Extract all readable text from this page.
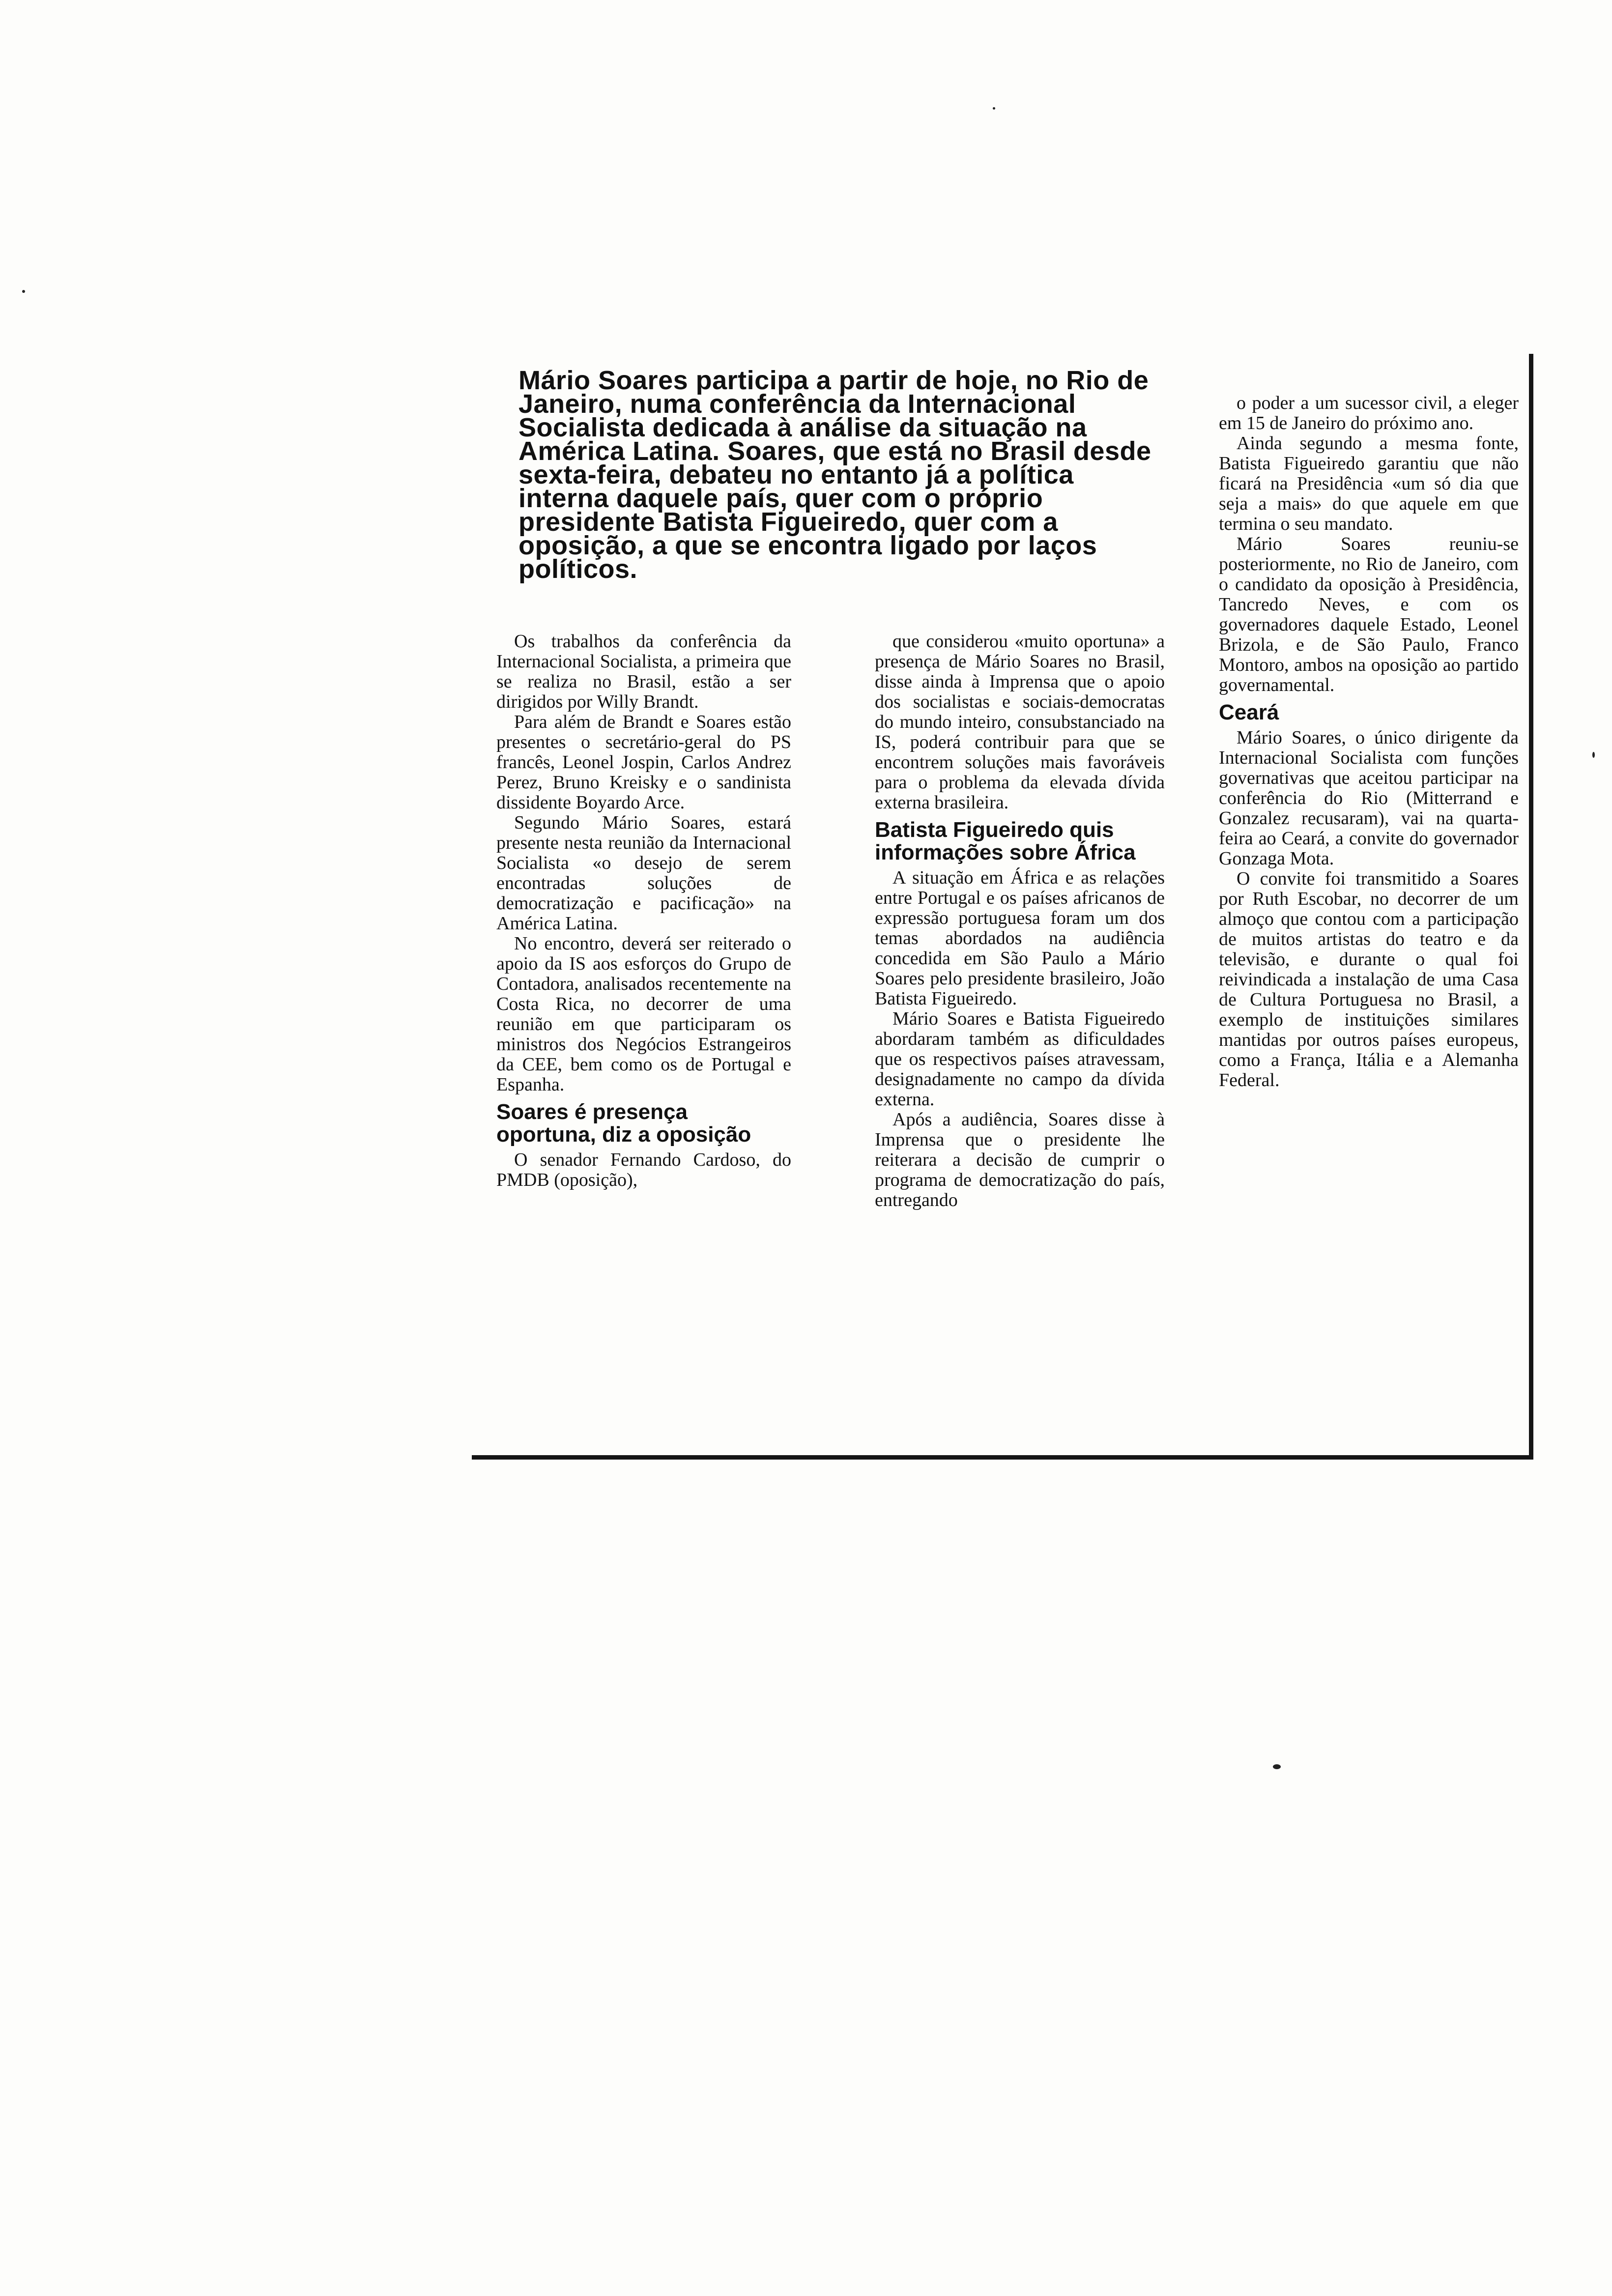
Mário Soares participa a partir de hoje, no Rio de Janeiro, numa conferência da Internacional Socialista dedicada à análise da situação na América Latina. Soares, que está no Brasil desde sexta-feira, debateu no entanto já a política interna daquele país, quer com o próprio presidente Batista Figueiredo, quer com a oposição, a que se encontra ligado por laços políticos.

Os trabalhos da conferência da Internacional Socialista, a primeira que se realiza no Brasil, estão a ser dirigidos por Willy Brandt.

Para além de Brandt e Soares estão presentes o secretário-geral do PS francês, Leonel Jospin, Carlos Andrez Perez, Bruno Kreisky e o sandinista dissidente Boyardo Arce.

Segundo Mário Soares, estará presente nesta reunião da Internacional Socialista «o desejo de serem encontradas soluções de democratização e pacificação» na América Latina.

No encontro, deverá ser reiterado o apoio da IS aos esforços do Grupo de Contadora, analisados recentemente na Costa Rica, no decorrer de uma reunião em que participaram os ministros dos Negócios Estrangeiros da CEE, bem como os de Portugal e Espanha.

Soares é presença oportuna, diz a oposição

O senador Fernando Cardoso, do PMDB (oposição),

que considerou «muito oportuna» a presença de Mário Soares no Brasil, disse ainda à Imprensa que o apoio dos socialistas e sociais-democratas do mundo inteiro, consubstanciado na IS, poderá contribuir para que se encontrem soluções mais favoráveis para o problema da elevada dívida externa brasileira.

Batista Figueiredo quis informações sobre África

A situação em África e as relações entre Portugal e os países africanos de expressão portuguesa foram um dos temas abordados na audiência concedida em São Paulo a Mário Soares pelo presidente brasileiro, João Batista Figueiredo.

Mário Soares e Batista Figueiredo abordaram também as dificuldades que os respectivos países atravessam, designadamente no campo da dívida externa.

Após a audiência, Soares disse à Imprensa que o presidente lhe reiterara a decisão de cumprir o programa de democratização do país, entregando

o poder a um sucessor civil, a eleger em 15 de Janeiro do próximo ano.

Ainda segundo a mesma fonte, Batista Figueiredo garantiu que não ficará na Presidência «um só dia que seja a mais» do que aquele em que termina o seu mandato.

Mário Soares reuniu-se posteriormente, no Rio de Janeiro, com o candidato da oposição à Presidência, Tancredo Neves, e com os governadores daquele Estado, Leonel Brizola, e de São Paulo, Franco Montoro, ambos na oposição ao partido governamental.

Ceará

Mário Soares, o único dirigente da Internacional Socialista com funções governativas que aceitou participar na conferência do Rio (Mitterrand e Gonzalez recusaram), vai na quarta-feira ao Ceará, a convite do governador Gonzaga Mota.

O convite foi transmitido a Soares por Ruth Escobar, no decorrer de um almoço que contou com a participação de muitos artistas do teatro e da televisão, e durante o qual foi reivindicada a instalação de uma Casa de Cultura Portuguesa no Brasil, a exemplo de instituições similares mantidas por outros países europeus, como a França, Itália e a Alemanha Federal.
